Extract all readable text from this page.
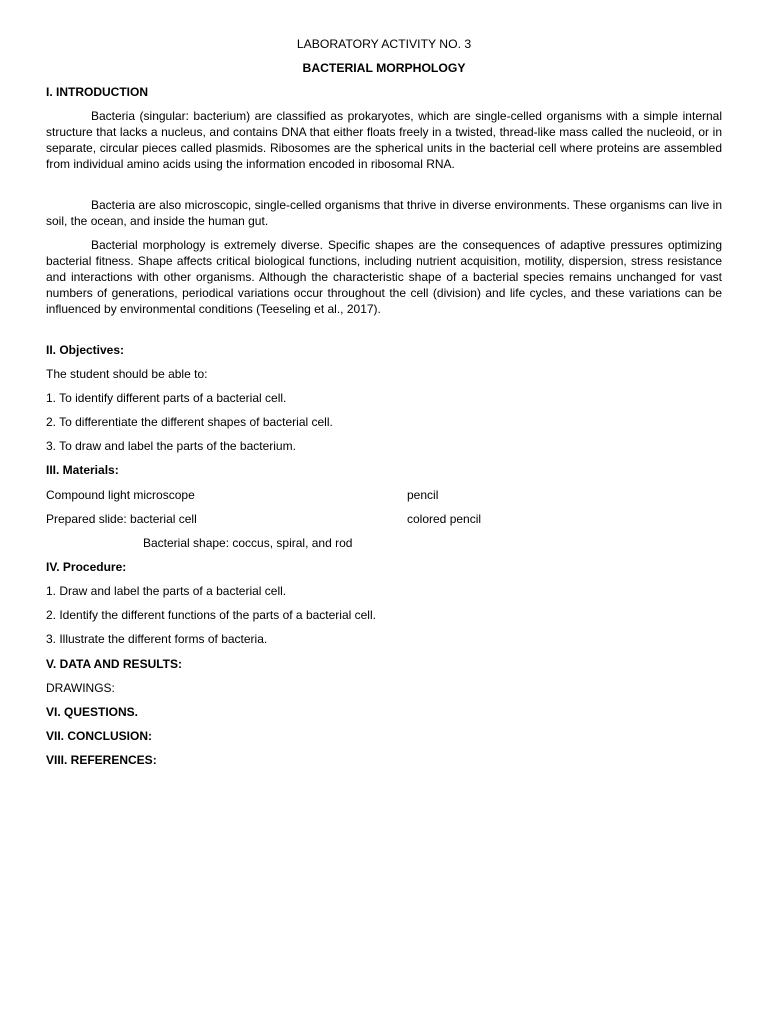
LABORATORY ACTIVITY NO. 3
BACTERIAL MORPHOLOGY
I. INTRODUCTION

Bacteria (singular: bacterium) are classified as prokaryotes, which are single-celled organisms with a simple internal structure that lacks a nucleus, and contains DNA that either floats freely in a twisted, thread-like mass called the nucleoid, or in separate, circular pieces called plasmids. Ribosomes are the spherical units in the bacterial cell where proteins are assembled from individual amino acids using the information encoded in ribosomal RNA.

Bacteria are also microscopic, single-celled organisms that thrive in diverse environments. These organisms can live in soil, the ocean, and inside the human gut.

Bacterial morphology is extremely diverse. Specific shapes are the consequences of adaptive pressures optimizing bacterial fitness. Shape affects critical biological functions, including nutrient acquisition, motility, dispersion, stress resistance and interactions with other organisms. Although the characteristic shape of a bacterial species remains unchanged for vast numbers of generations, periodical variations occur throughout the cell (division) and life cycles, and these variations can be influenced by environmental conditions (Teeseling et al., 2017).

II. Objectives:
The student should be able to:
1. To identify different parts of a bacterial cell.
2. To differentiate the different shapes of bacterial cell.
3. To draw and label the parts of the bacterium.
III. Materials:
Compound light microscope	pencil
Prepared slide: bacterial cell	colored pencil
Bacterial shape: coccus, spiral, and rod
IV. Procedure:
1. Draw and label the parts of a bacterial cell.
2. Identify the different functions of the parts of a bacterial cell.
3. Illustrate the different forms of bacteria.
V. DATA AND RESULTS:
DRAWINGS:
VI. QUESTIONS.
VII. CONCLUSION:
VIII. REFERENCES:
